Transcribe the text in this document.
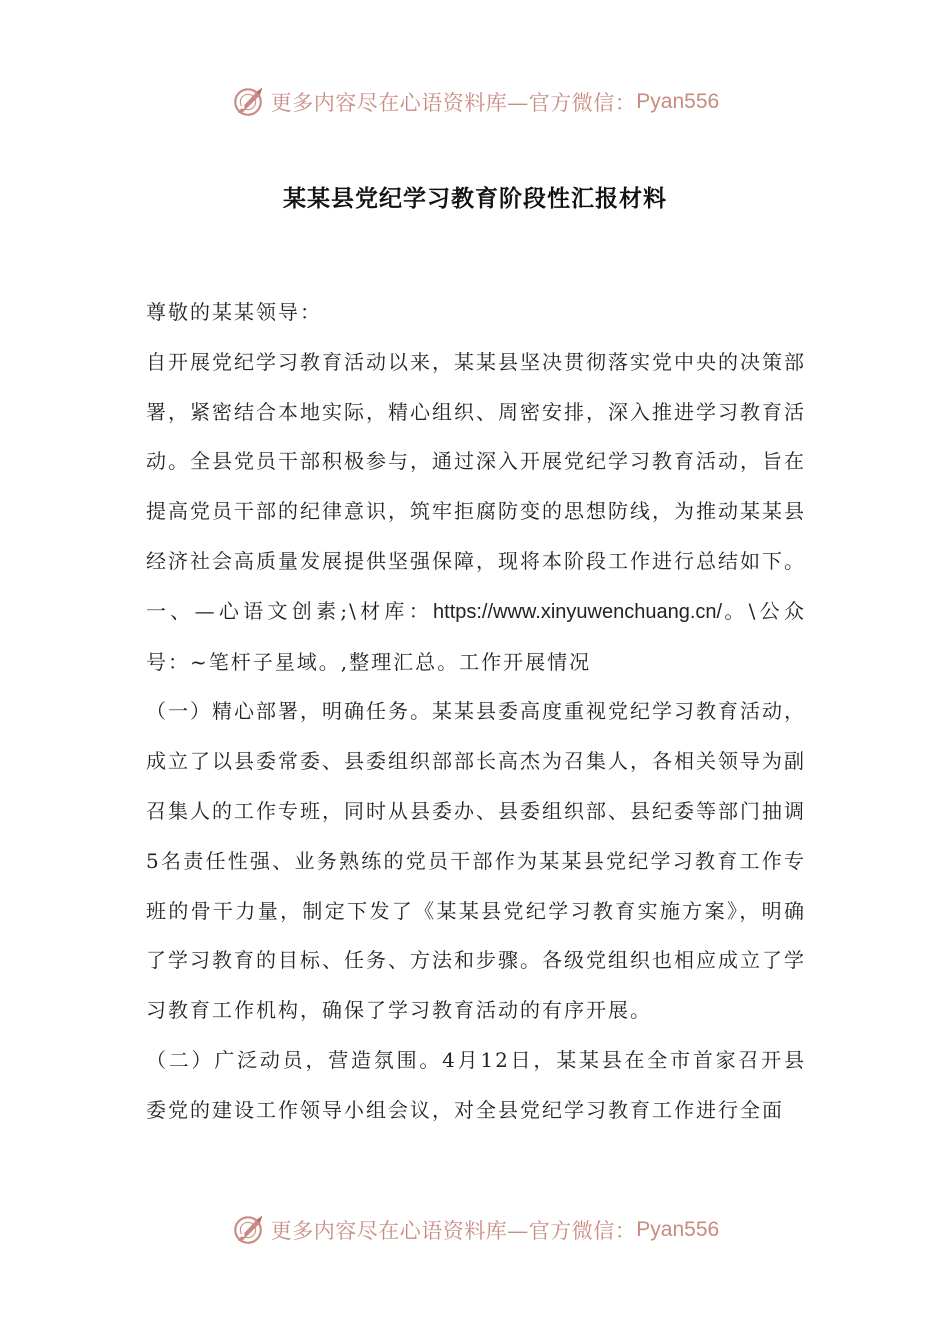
更多内容尽在心语资料库—官方微信： Pyan556
某某县党纪学习教育阶段性汇报材料

尊敬的某某领导：

自开展党纪学习教育活动以来，某某县坚决贯彻落实党中央的决策部署，紧密结合本地实际，精心组织、周密安排，深入推进学习教育活动。全县党员干部积极参与，通过深入开展党纪学习教育活动，旨在提高党员干部的纪律意识，筑牢拒腐防变的思想防线，为推动某某县经济社会高质量发展提供坚强保障，现将本阶段工作进行总结如下。

一、—心语文创素;\材库：https://www.xinyuwenchuang.cn/。\公众号：~笔杆子星域。,整理汇总。工作开展情况

（一）精心部署，明确任务。某某县委高度重视党纪学习教育活动，成立了以县委常委、县委组织部部长高杰为召集人，各相关领导为副召集人的工作专班，同时从县委办、县委组织部、县纪委等部门抽调5名责任性强、业务熟练的党员干部作为某某县党纪学习教育工作专班的骨干力量，制定下发了《某某县党纪学习教育实施方案》，明确了学习教育的目标、任务、方法和步骤。各级党组织也相应成立了学习教育工作机构，确保了学习教育活动的有序开展。

（二）广泛动员，营造氛围。4月12日，某某县在全市首家召开县委党的建设工作领导小组会议，对全县党纪学习教育工作进行全面

更多内容尽在心语资料库—官方微信： Pyan556
